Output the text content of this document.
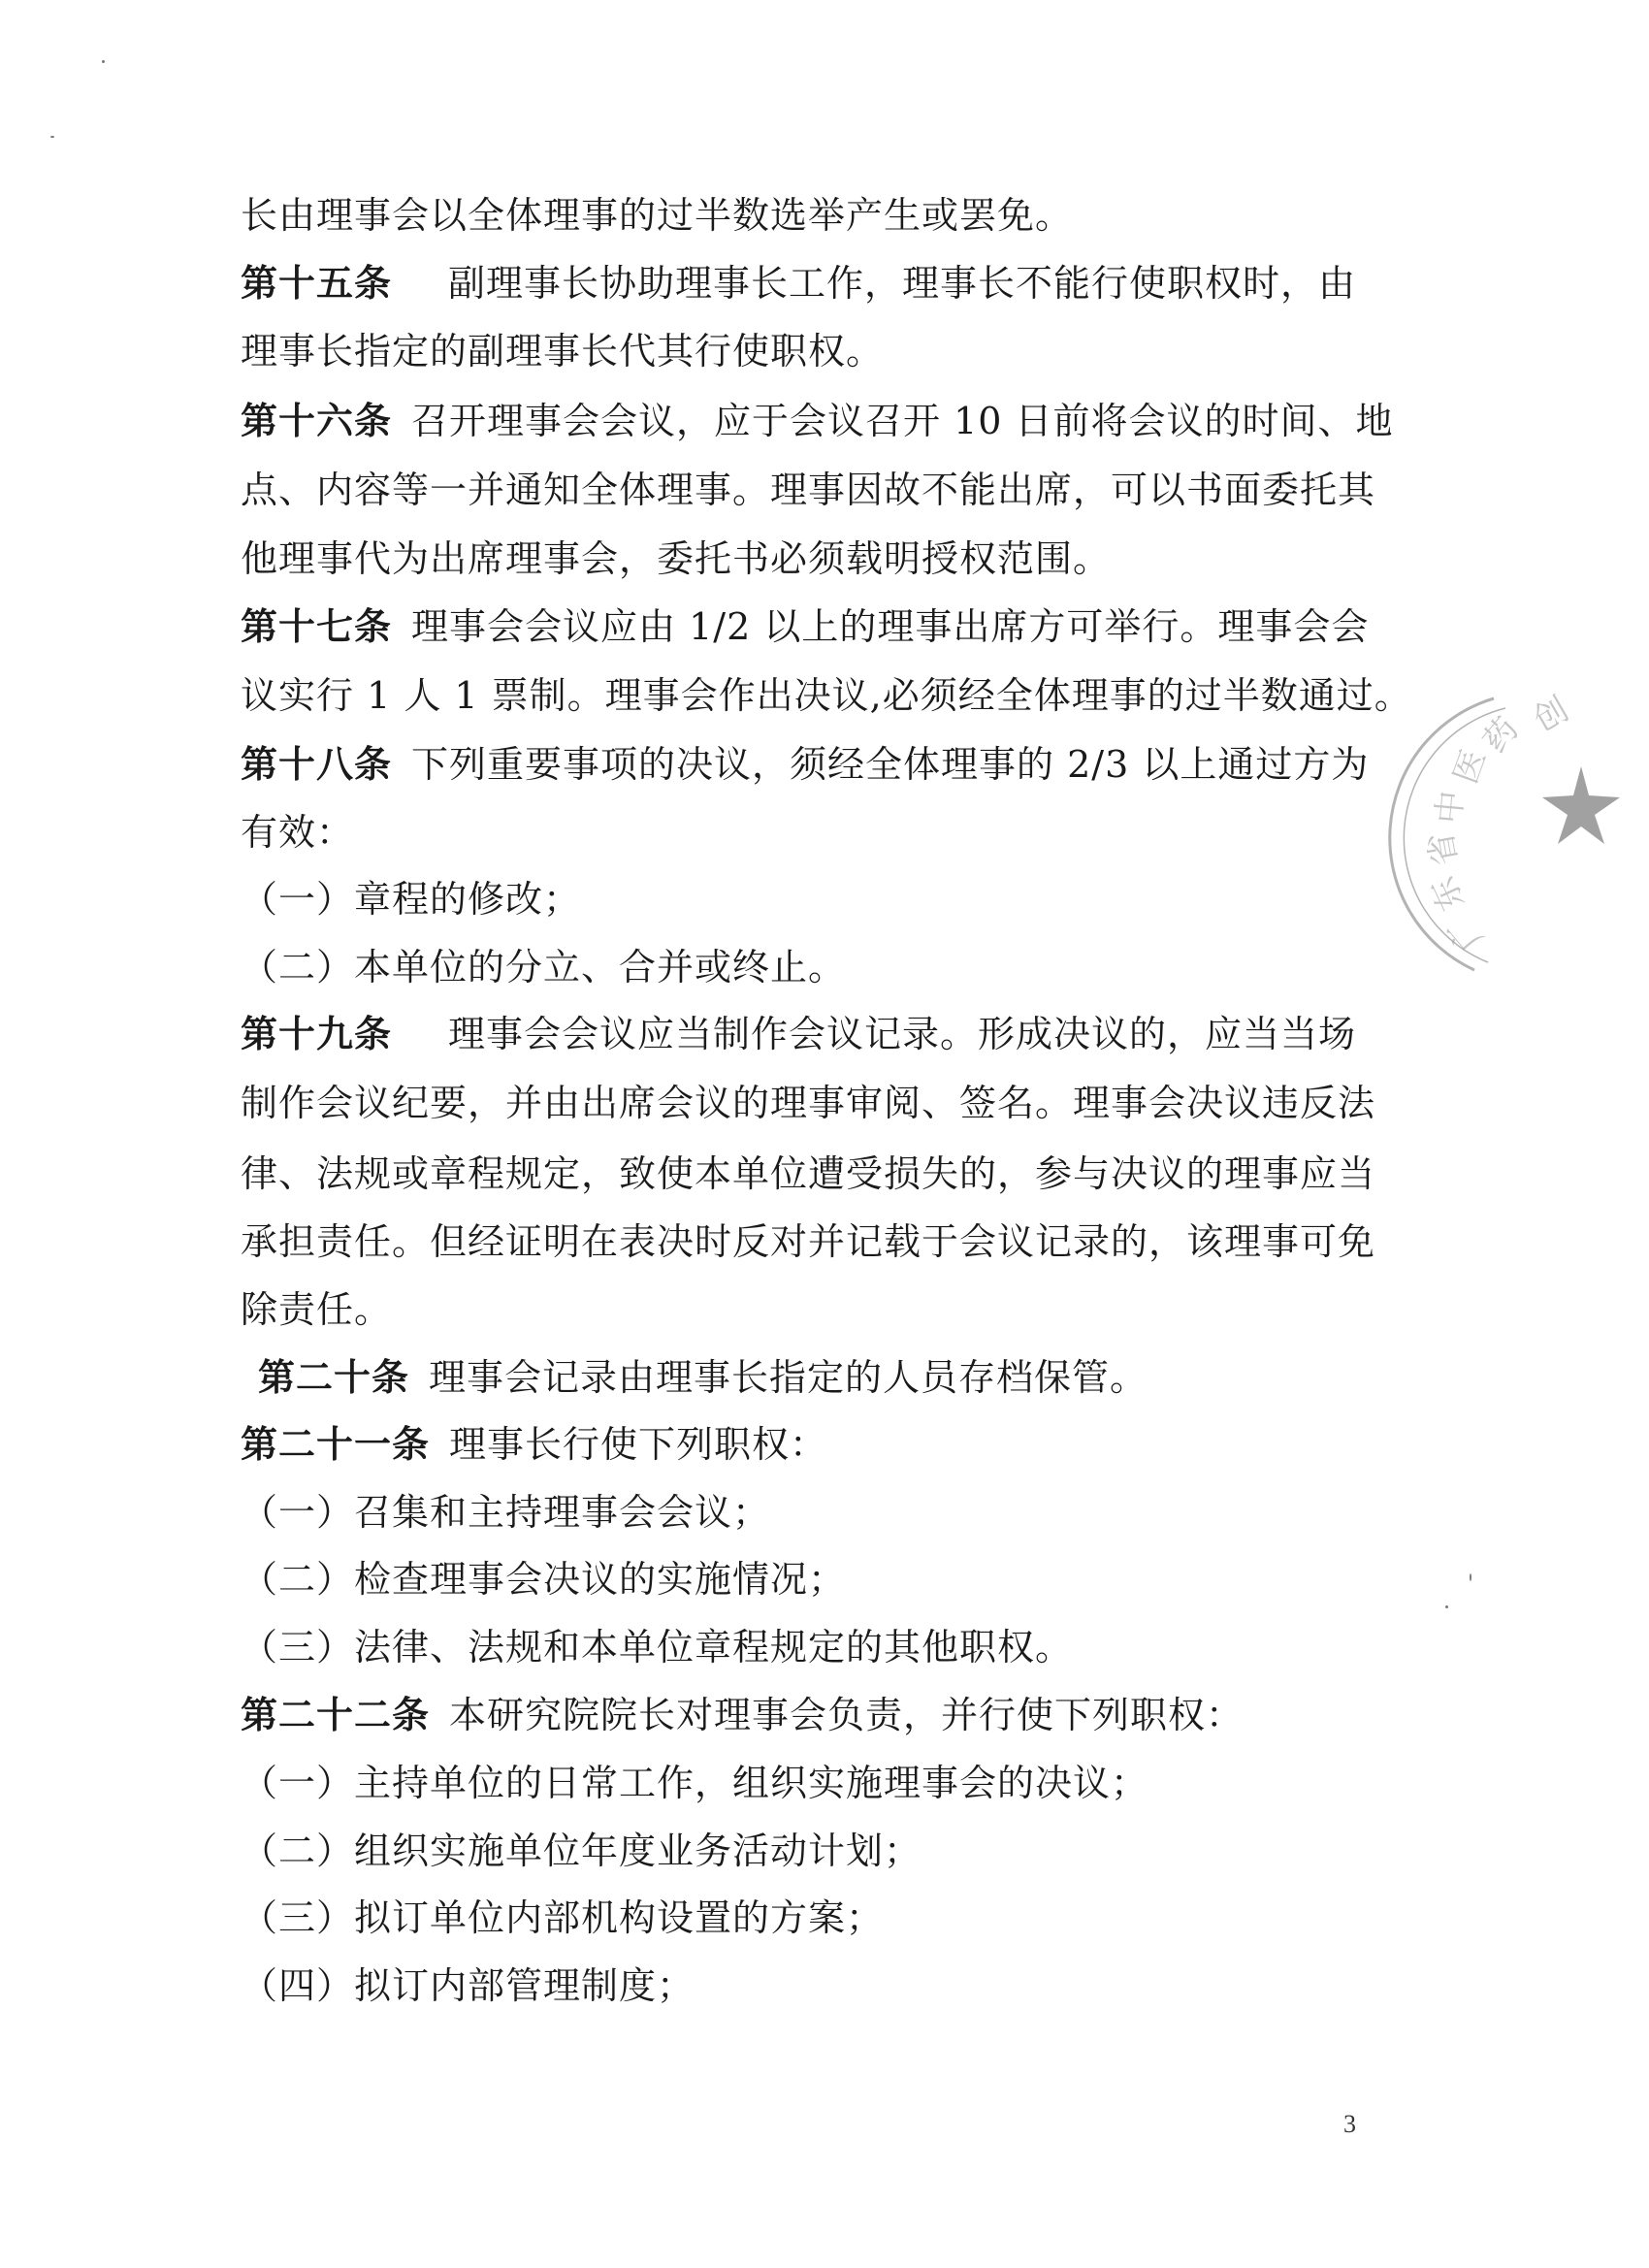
长由理事会以全体理事的过半数选举产生或罢免。
第十五条 副理事长协助理事长工作，理事长不能行使职权时，由
理事长指定的副理事长代其行使职权。
第十六条 召开理事会会议，应于会议召开 10 日前将会议的时间、地
点、内容等一并通知全体理事。理事因故不能出席，可以书面委托其
他理事代为出席理事会，委托书必须载明授权范围。
第十七条 理事会会议应由 1/2 以上的理事出席方可举行。理事会会
议实行 1 人 1 票制。理事会作出决议,必须经全体理事的过半数通过。
第十八条 下列重要事项的决议，须经全体理事的 2/3 以上通过方为
有效：
（一）章程的修改；
（二）本单位的分立、合并或终止。
第十九条 理事会会议应当制作会议记录。形成决议的，应当当场
制作会议纪要，并由出席会议的理事审阅、签名。理事会决议违反法
律、法规或章程规定，致使本单位遭受损失的，参与决议的理事应当
承担责任。但经证明在表决时反对并记载于会议记录的，该理事可免
除责任。
第二十条 理事会记录由理事长指定的人员存档保管。
第二十一条 理事长行使下列职权：
（一）召集和主持理事会会议；
（二）检查理事会决议的实施情况；
（三）法律、法规和本单位章程规定的其他职权。
第二十二条 本研究院院长对理事会负责，并行使下列职权：
（一）主持单位的日常工作，组织实施理事会的决议；
（二）组织实施单位年度业务活动计划；
（三）拟订单位内部机构设置的方案；
（四）拟订内部管理制度；
3
创
药
医
中
省
东
广
